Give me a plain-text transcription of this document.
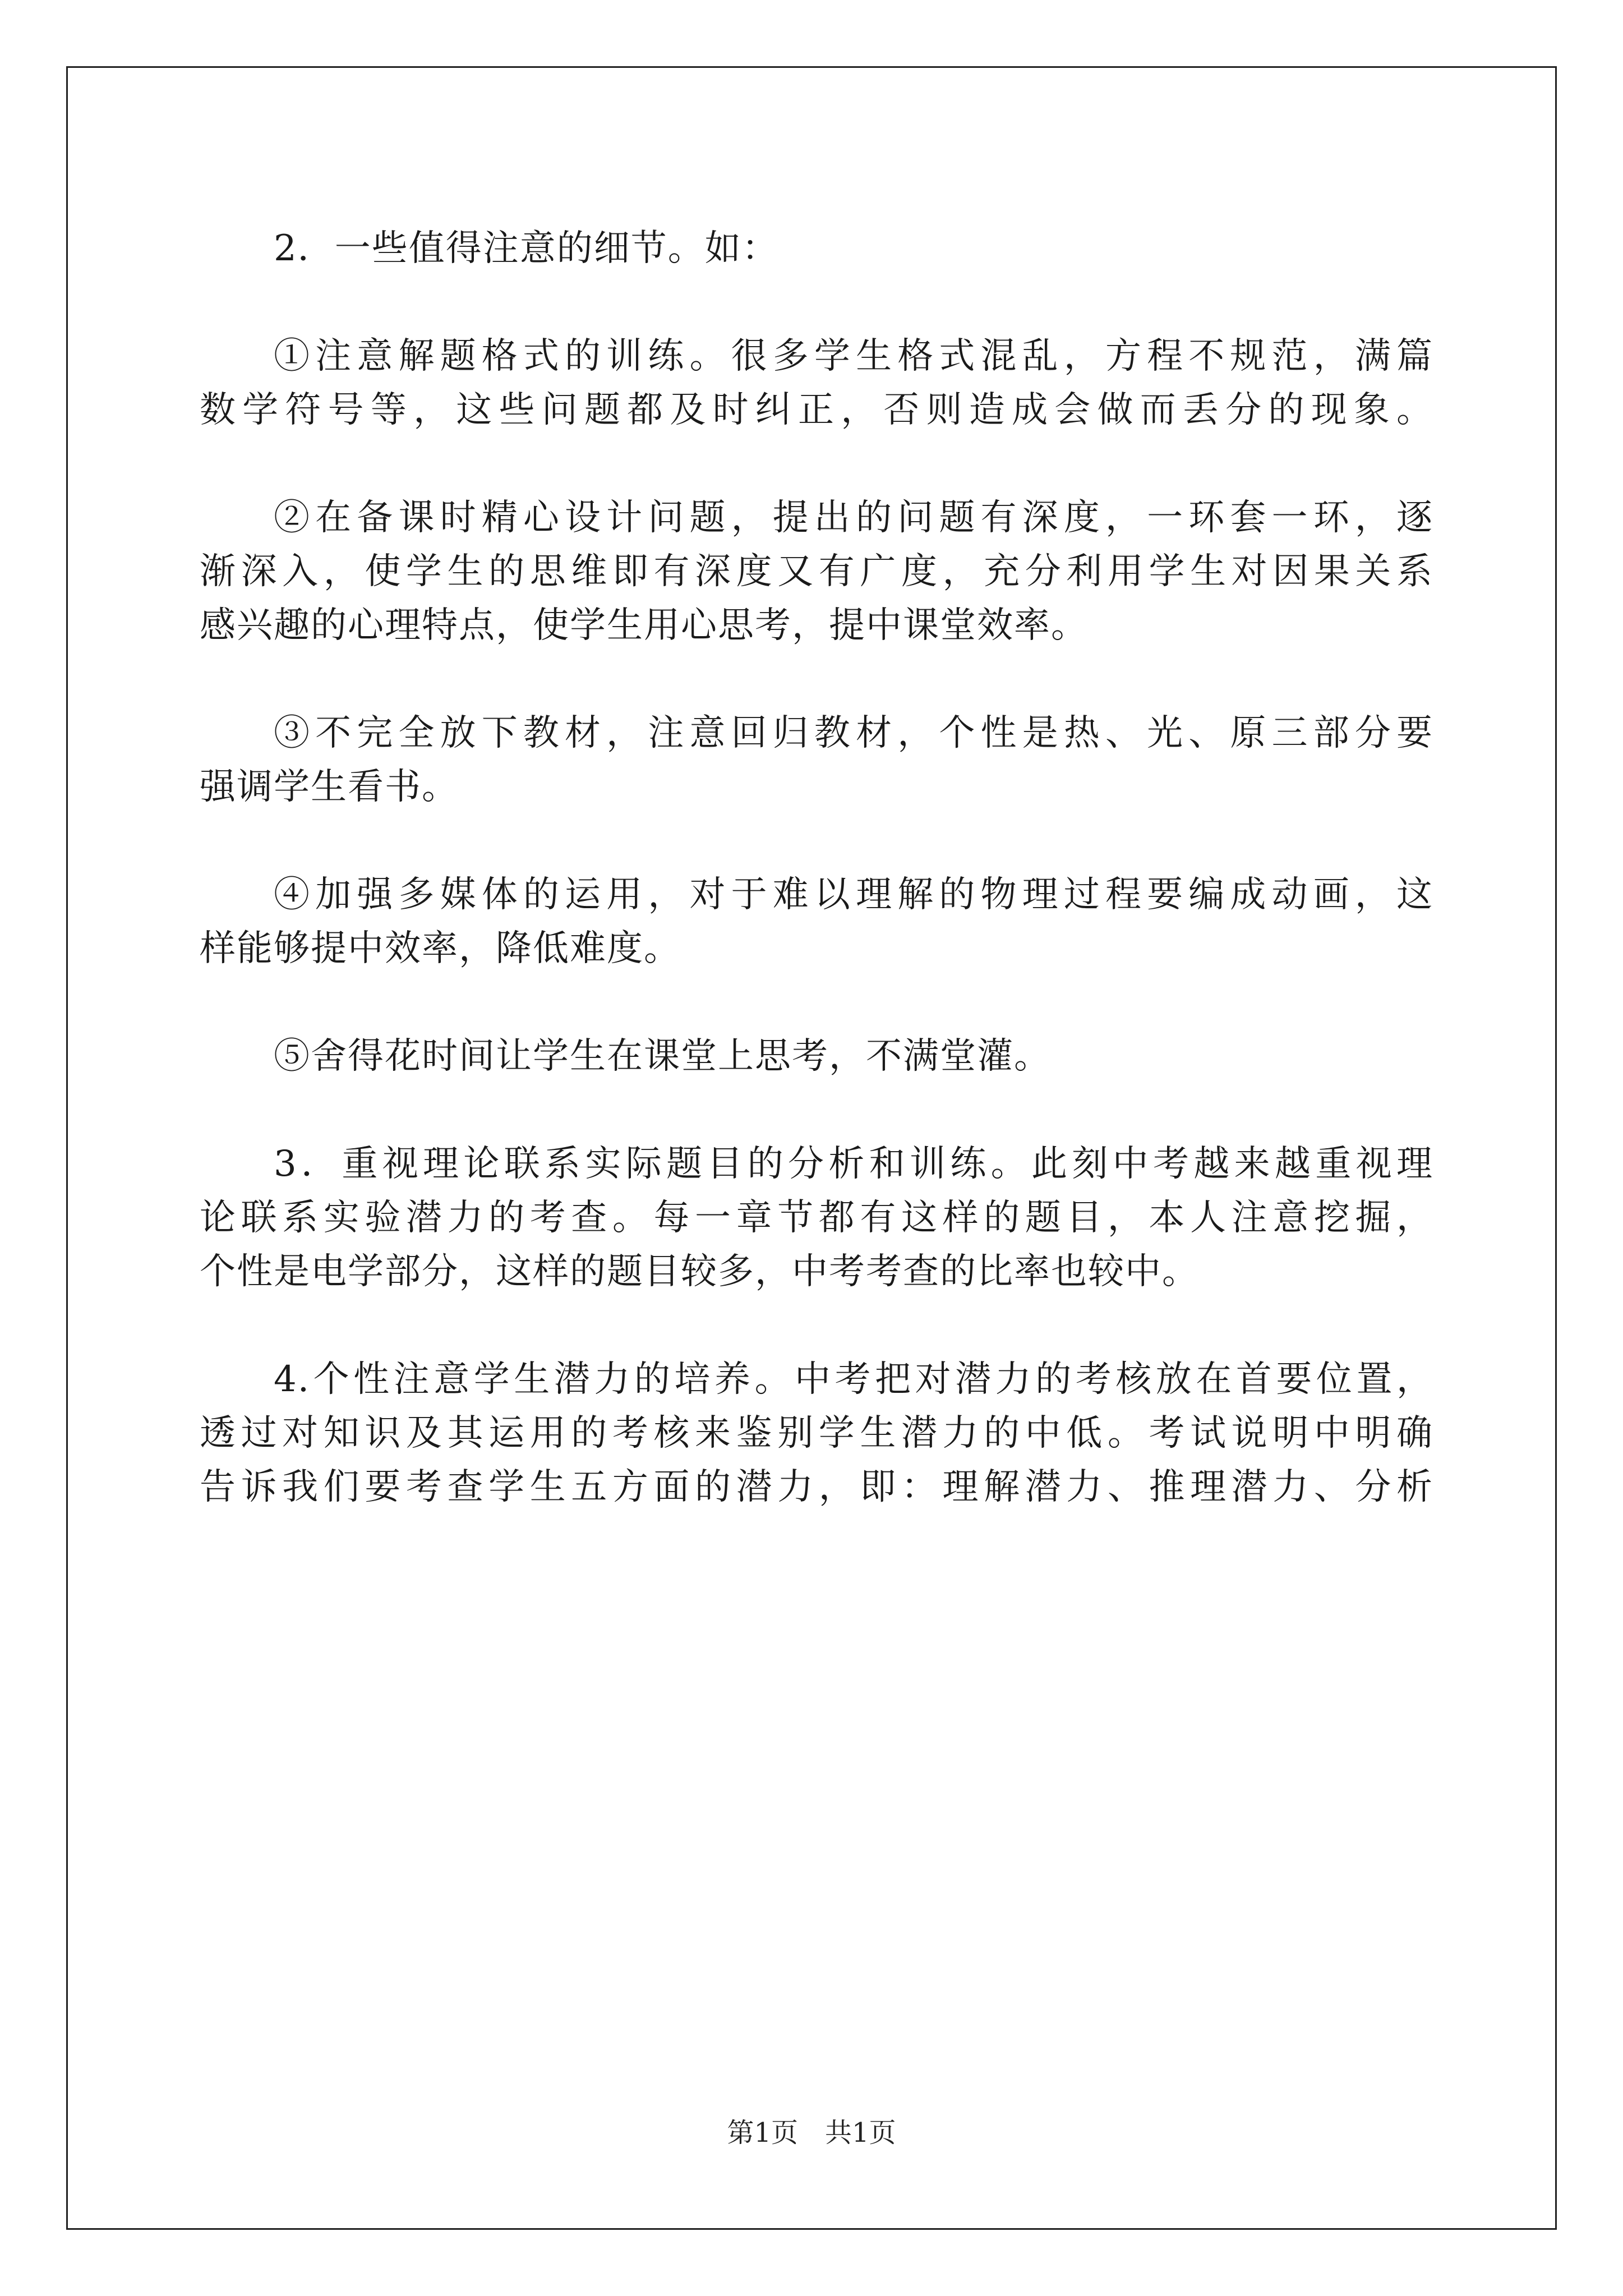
2．一些值得注意的细节。如：
①注意解题格式的训练。很多学生格式混乱，方程不规范，满篇
数学符号等，这些问题都及时纠正，否则造成会做而丢分的现象。
②在备课时精心设计问题，提出的问题有深度，一环套一环，逐
渐深入，使学生的思维即有深度又有广度，充分利用学生对因果关系
感兴趣的心理特点，使学生用心思考，提中课堂效率。
③不完全放下教材，注意回归教材，个性是热、光、原三部分要
强调学生看书。
④加强多媒体的运用，对于难以理解的物理过程要编成动画，这
样能够提中效率，降低难度。
⑤舍得花时间让学生在课堂上思考，不满堂灌。
3．重视理论联系实际题目的分析和训练。此刻中考越来越重视理
论联系实验潜力的考查。每一章节都有这样的题目，本人注意挖掘，
个性是电学部分，这样的题目较多，中考考查的比率也较中。
4.个性注意学生潜力的培养。中考把对潜力的考核放在首要位置，
透过对知识及其运用的考核来鉴别学生潜力的中低。考试说明中明确
告诉我们要考查学生五方面的潜力，即：理解潜力、推理潜力、分析
第1页 共1页
